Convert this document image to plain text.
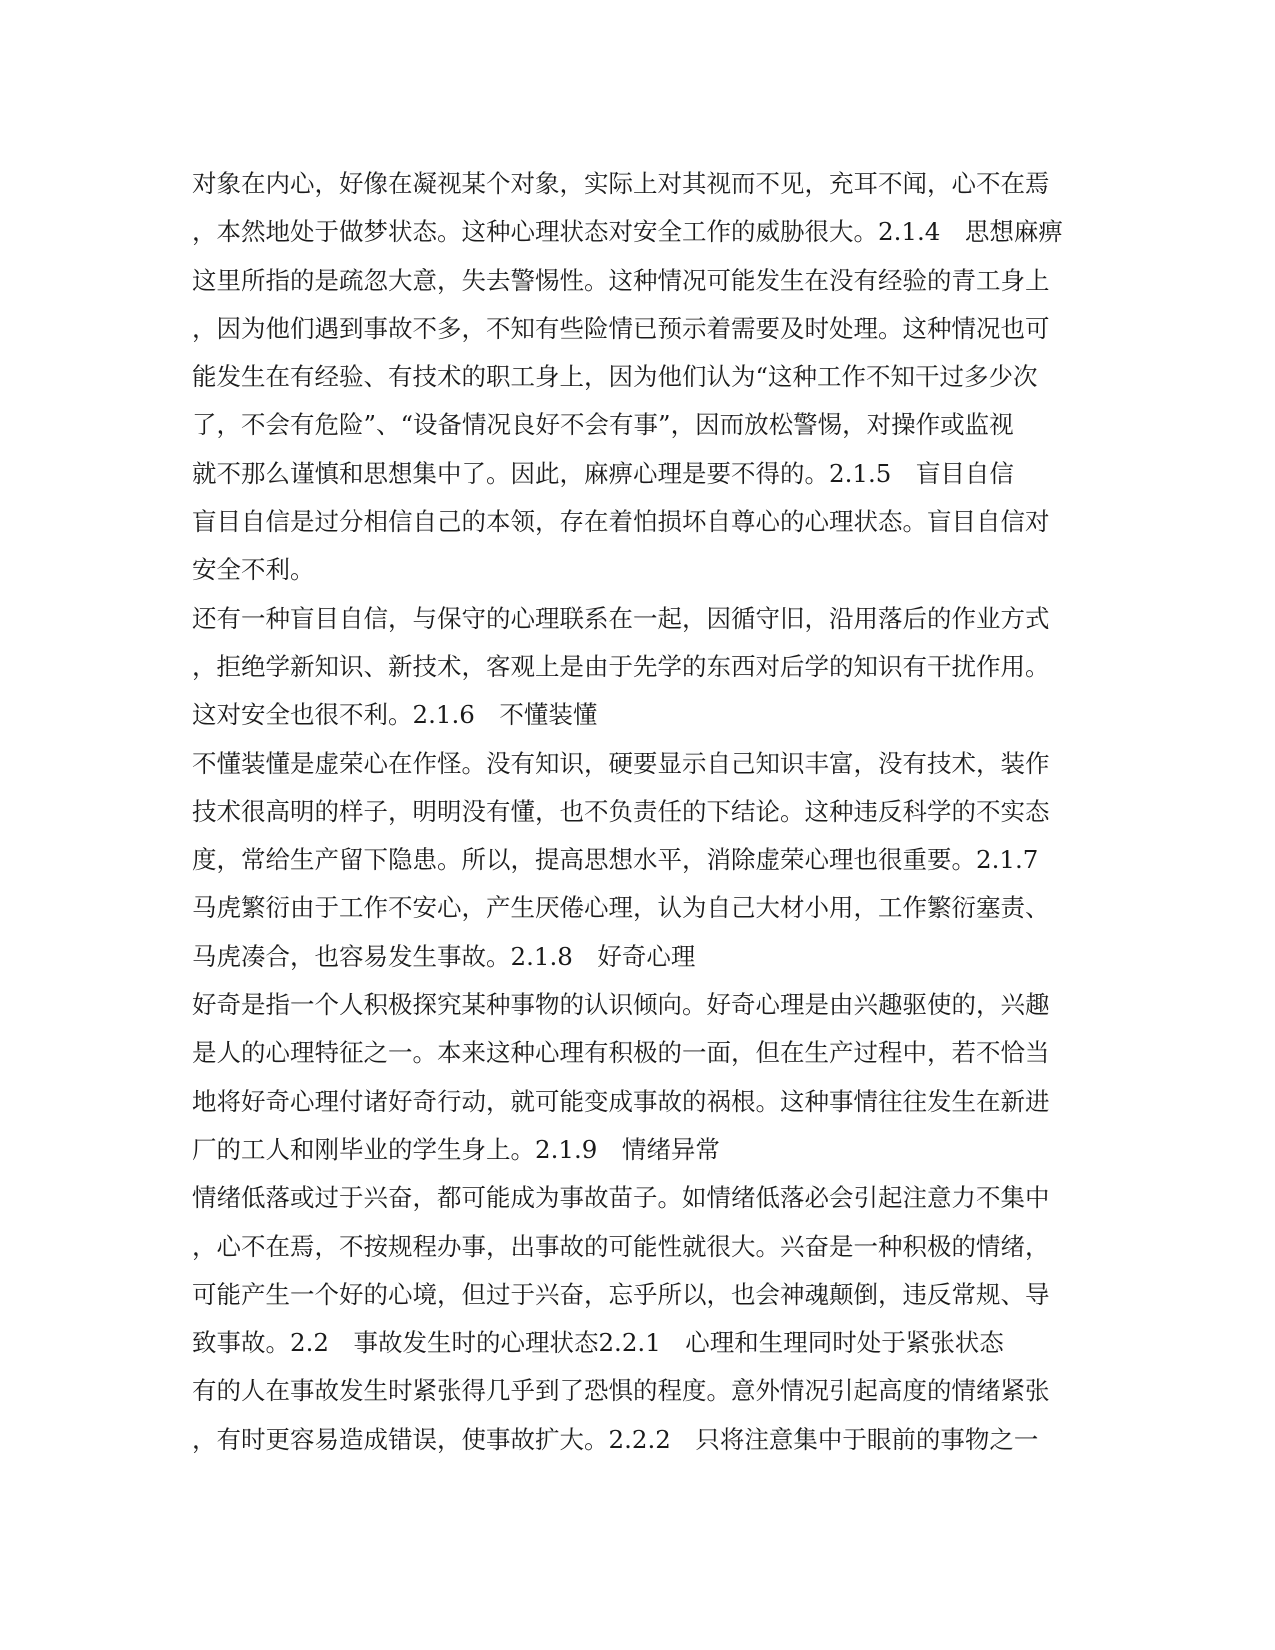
对象在内心，好像在凝视某个对象，实际上对其视而不见，充耳不闻，心不在焉
，本然地处于做梦状态。这种心理状态对安全工作的威胁很大。2.1.4　思想麻痹
这里所指的是疏忽大意，失去警惕性。这种情况可能发生在没有经验的青工身上
，因为他们遇到事故不多，不知有些险情已预示着需要及时处理。这种情况也可
能发生在有经验、有技术的职工身上，因为他们认为“这种工作不知干过多少次
了，不会有危险”、“设备情况良好不会有事”，因而放松警惕，对操作或监视
就不那么谨慎和思想集中了。因此，麻痹心理是要不得的。2.1.5　盲目自信
盲目自信是过分相信自己的本领，存在着怕损坏自尊心的心理状态。盲目自信对
安全不利。
还有一种盲目自信，与保守的心理联系在一起，因循守旧，沿用落后的作业方式
，拒绝学新知识、新技术，客观上是由于先学的东西对后学的知识有干扰作用。
这对安全也很不利。2.1.6　不懂装懂
不懂装懂是虚荣心在作怪。没有知识，硬要显示自己知识丰富，没有技术，装作
技术很高明的样子，明明没有懂，也不负责任的下结论。这种违反科学的不实态
度，常给生产留下隐患。所以，提高思想水平，消除虚荣心理也很重要。2.1.7
马虎繁衍由于工作不安心，产生厌倦心理，认为自己大材小用，工作繁衍塞责、
马虎凑合，也容易发生事故。2.1.8　好奇心理
好奇是指一个人积极探究某种事物的认识倾向。好奇心理是由兴趣驱使的，兴趣
是人的心理特征之一。本来这种心理有积极的一面，但在生产过程中，若不恰当
地将好奇心理付诸好奇行动，就可能变成事故的祸根。这种事情往往发生在新进
厂的工人和刚毕业的学生身上。2.1.9　情绪异常
情绪低落或过于兴奋，都可能成为事故苗子。如情绪低落必会引起注意力不集中
，心不在焉，不按规程办事，出事故的可能性就很大。兴奋是一种积极的情绪，
可能产生一个好的心境，但过于兴奋，忘乎所以，也会神魂颠倒，违反常规、导
致事故。2.2　事故发生时的心理状态2.2.1　心理和生理同时处于紧张状态
有的人在事故发生时紧张得几乎到了恐惧的程度。意外情况引起高度的情绪紧张
，有时更容易造成错误，使事故扩大。2.2.2　只将注意集中于眼前的事物之一
